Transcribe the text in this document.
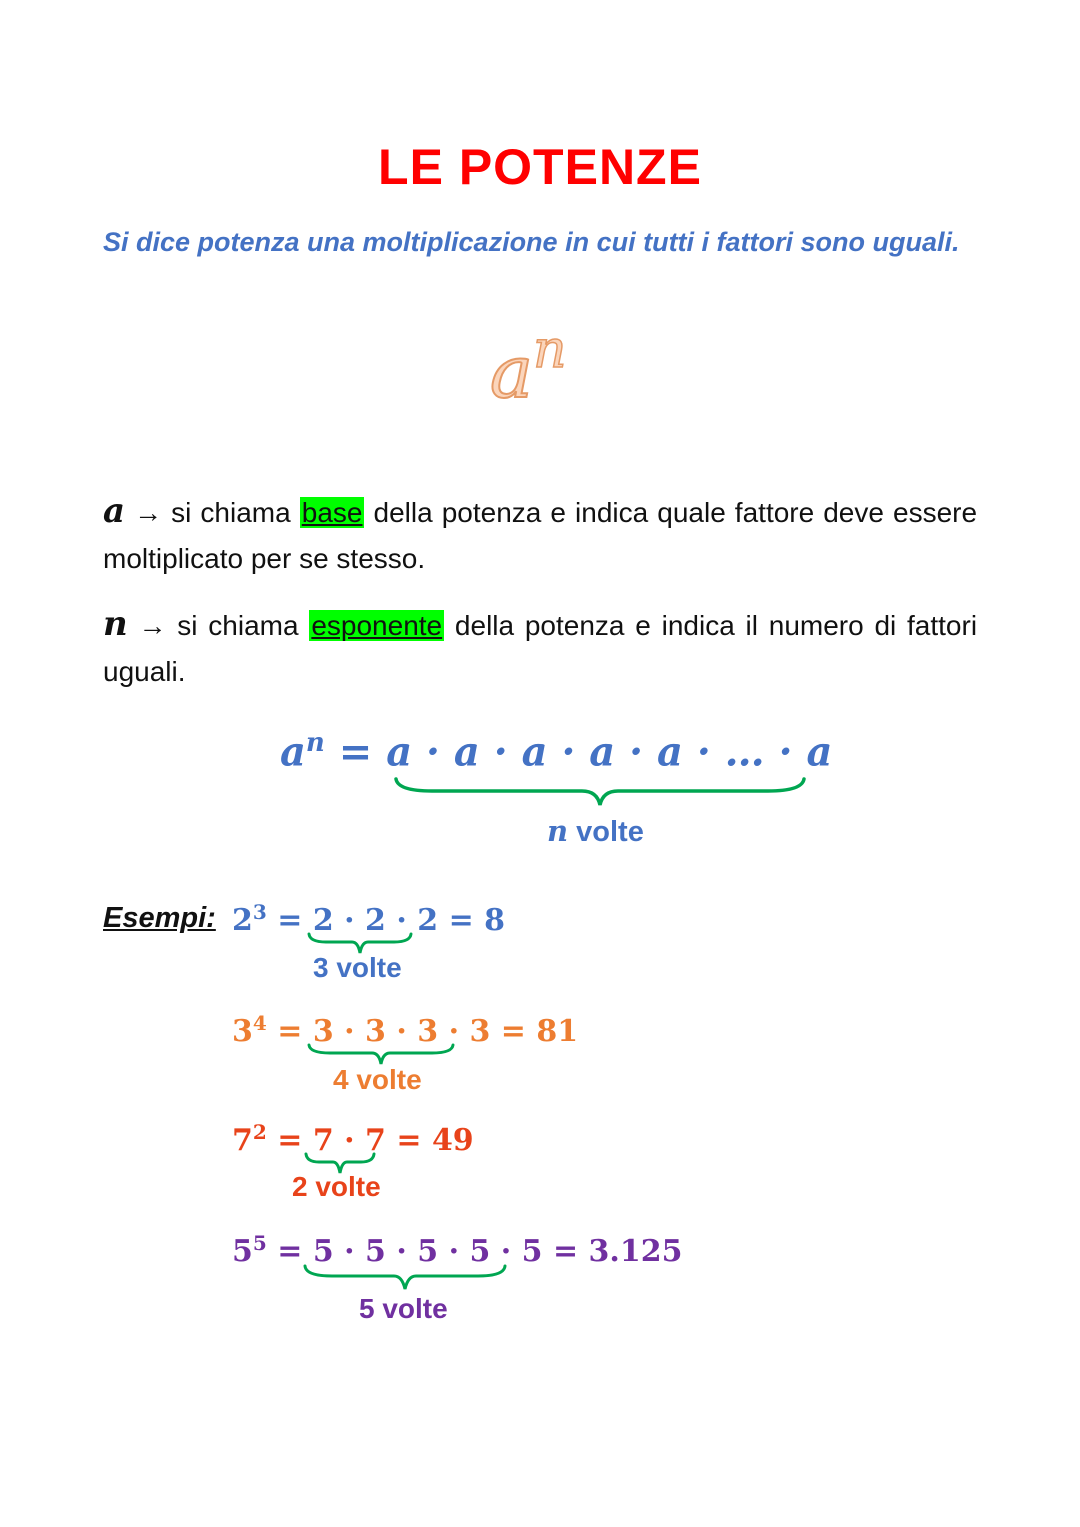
LE POTENZE
Si dice potenza una moltiplicazione in cui tutti i fattori sono uguali.
an
a → si chiama base della potenza e indica quale fattore deve essere moltiplicato per se stesso.
n → si chiama esponente della potenza e indica il numero di fattori uguali.
$a^n = a \cdot a \cdot a \cdot a \cdot a$ · … · a
n volte
Esempi: $2^3 = 2 \cdot 2 \cdot 2 = 8$
3 volte
$3^4 = 3 \cdot 3 \cdot 3 \cdot 3 = 81$
4 volte
$7^2 = 7 \cdot 7 = 49$
2 volte
$5^5 = 5 \cdot 5 \cdot 5 \cdot 5 \cdot 5 = 3.125$
5 volte
